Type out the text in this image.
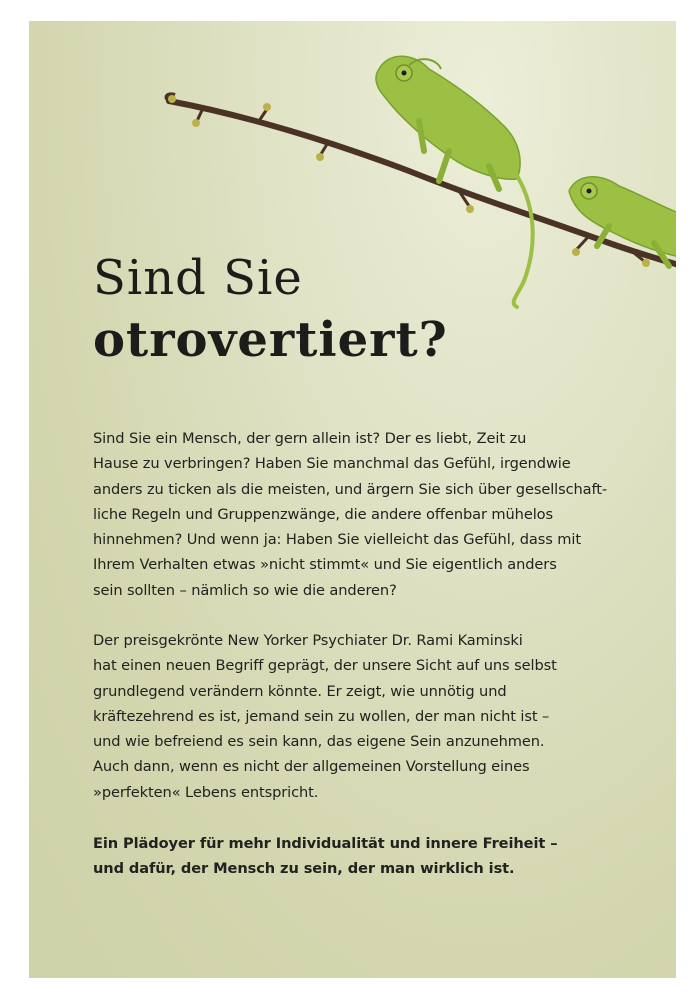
Sind Sie
otrovertiert?

Sind Sie ein Mensch, der gern allein ist? Der es liebt, Zeit zu
Hause zu verbringen? Haben Sie manchmal das Gefühl, irgendwie
anders zu ticken als die meisten, und ärgern Sie sich über gesellschaft-
liche Regeln und Gruppenzwänge, die andere offenbar mühelos
hinnehmen? Und wenn ja: Haben Sie vielleicht das Gefühl, dass mit
Ihrem Verhalten etwas »nicht stimmt« und Sie eigentlich anders
sein sollten – nämlich so wie die anderen?

Der preisgekrönte New Yorker Psychiater Dr. Rami Kaminski
hat einen neuen Begriff geprägt, der unsere Sicht auf uns selbst
grundlegend verändern könnte. Er zeigt, wie unnötig und
kräftezehrend es ist, jemand sein zu wollen, der man nicht ist –
und wie befreiend es sein kann, das eigene Sein anzunehmen.
Auch dann, wenn es nicht der allgemeinen Vorstellung eines
»perfekten« Lebens entspricht.

Ein Plädoyer für mehr Individualität und innere Freiheit –
und dafür, der Mensch zu sein, der man wirklich ist.
